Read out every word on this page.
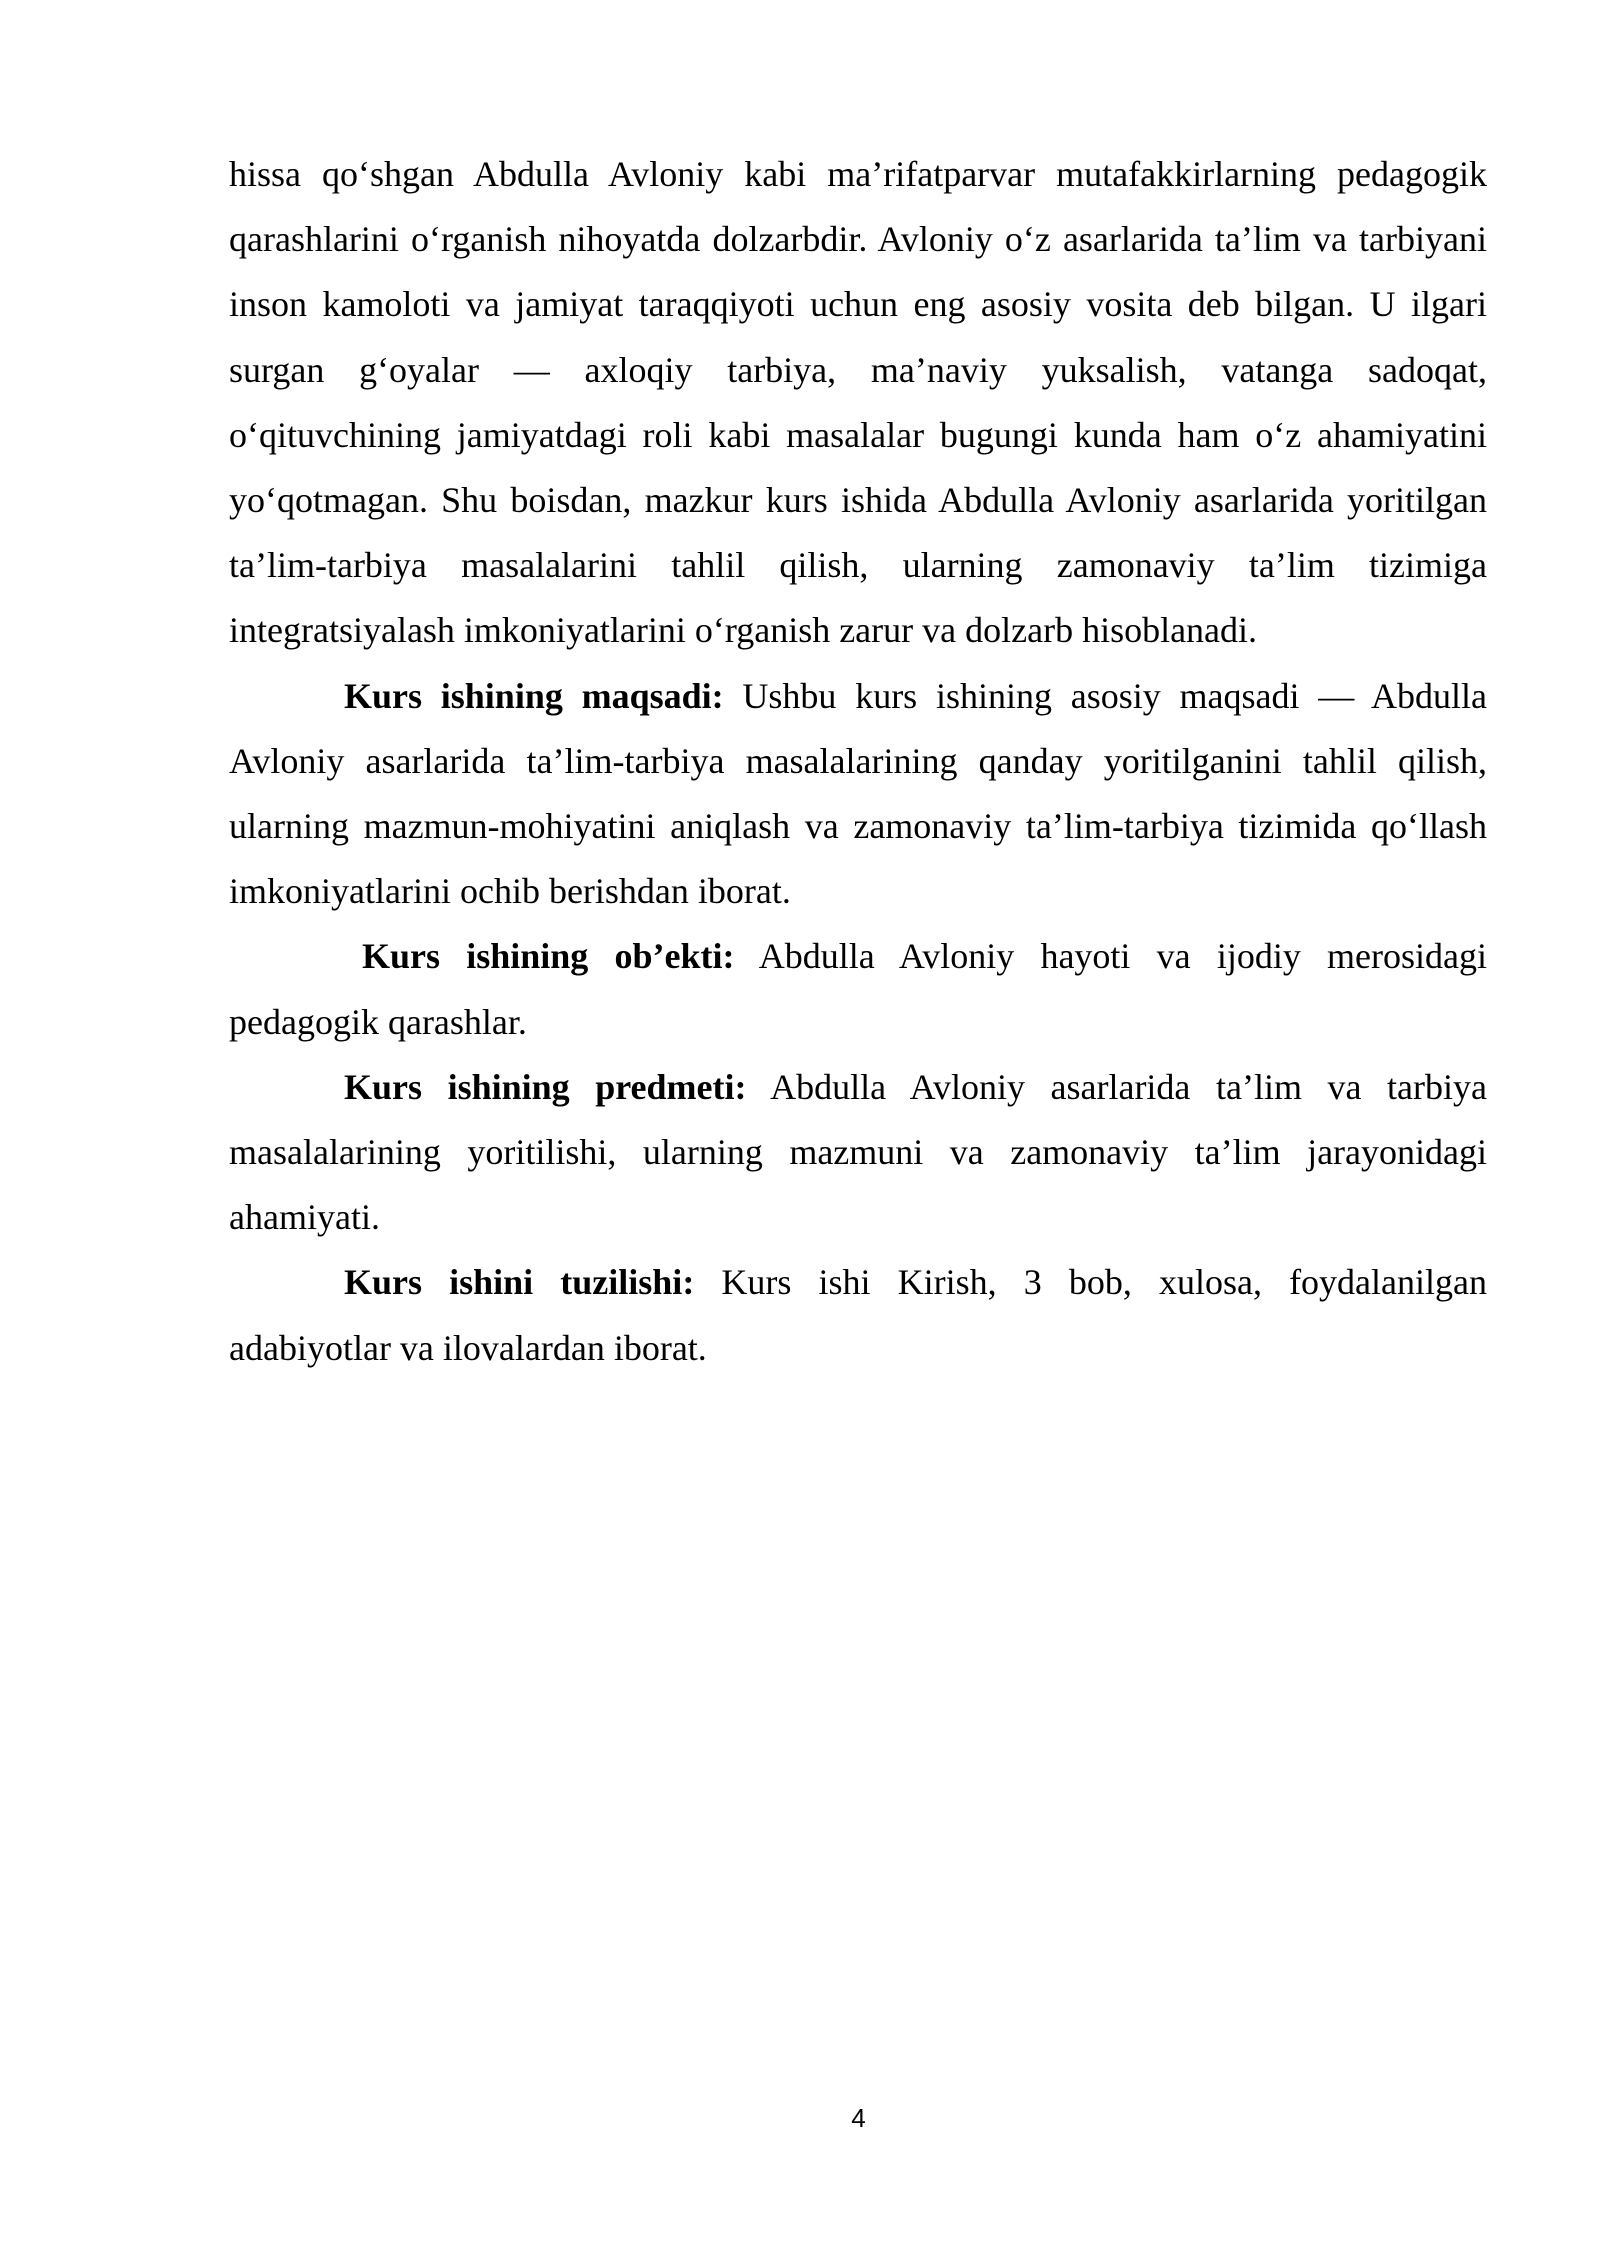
hissa qo‘shgan Abdulla Avloniy kabi ma’rifatparvar mutafakkirlarning pedagogik qarashlarini o‘rganish nihoyatda dolzarbdir. Avloniy o‘z asarlarida ta’lim va tarbiyani inson kamoloti va jamiyat taraqqiyoti uchun eng asosiy vosita deb bilgan. U ilgari surgan g‘oyalar — axloqiy tarbiya, ma’naviy yuksalish, vatanga sadoqat, o‘qituvchining jamiyatdagi roli kabi masalalar bugungi kunda ham o‘z ahamiyatini yo‘qotmagan. Shu boisdan, mazkur kurs ishida Abdulla Avloniy asarlarida yoritilgan ta’lim-tarbiya masalalarini tahlil qilish, ularning zamonaviy ta’lim tizimiga integratsiyalash imkoniyatlarini o‘rganish zarur va dolzarb hisoblanadi.

Kurs ishining maqsadi: Ushbu kurs ishining asosiy maqsadi — Abdulla Avloniy asarlarida ta’lim-tarbiya masalalarining qanday yoritilganini tahlil qilish, ularning mazmun-mohiyatini aniqlash va zamonaviy ta’lim-tarbiya tizimida qo‘llash imkoniyatlarini ochib berishdan iborat.

Kurs ishining ob’ekti: Abdulla Avloniy hayoti va ijodiy merosidagi pedagogik qarashlar.

Kurs ishining predmeti: Abdulla Avloniy asarlarida ta’lim va tarbiya masalalarining yoritilishi, ularning mazmuni va zamonaviy ta’lim jarayonidagi ahamiyati.

Kurs ishini tuzilishi: Kurs ishi Kirish, 3 bob, xulosa, foydalanilgan adabiyotlar va ilovalardan iborat.

4
